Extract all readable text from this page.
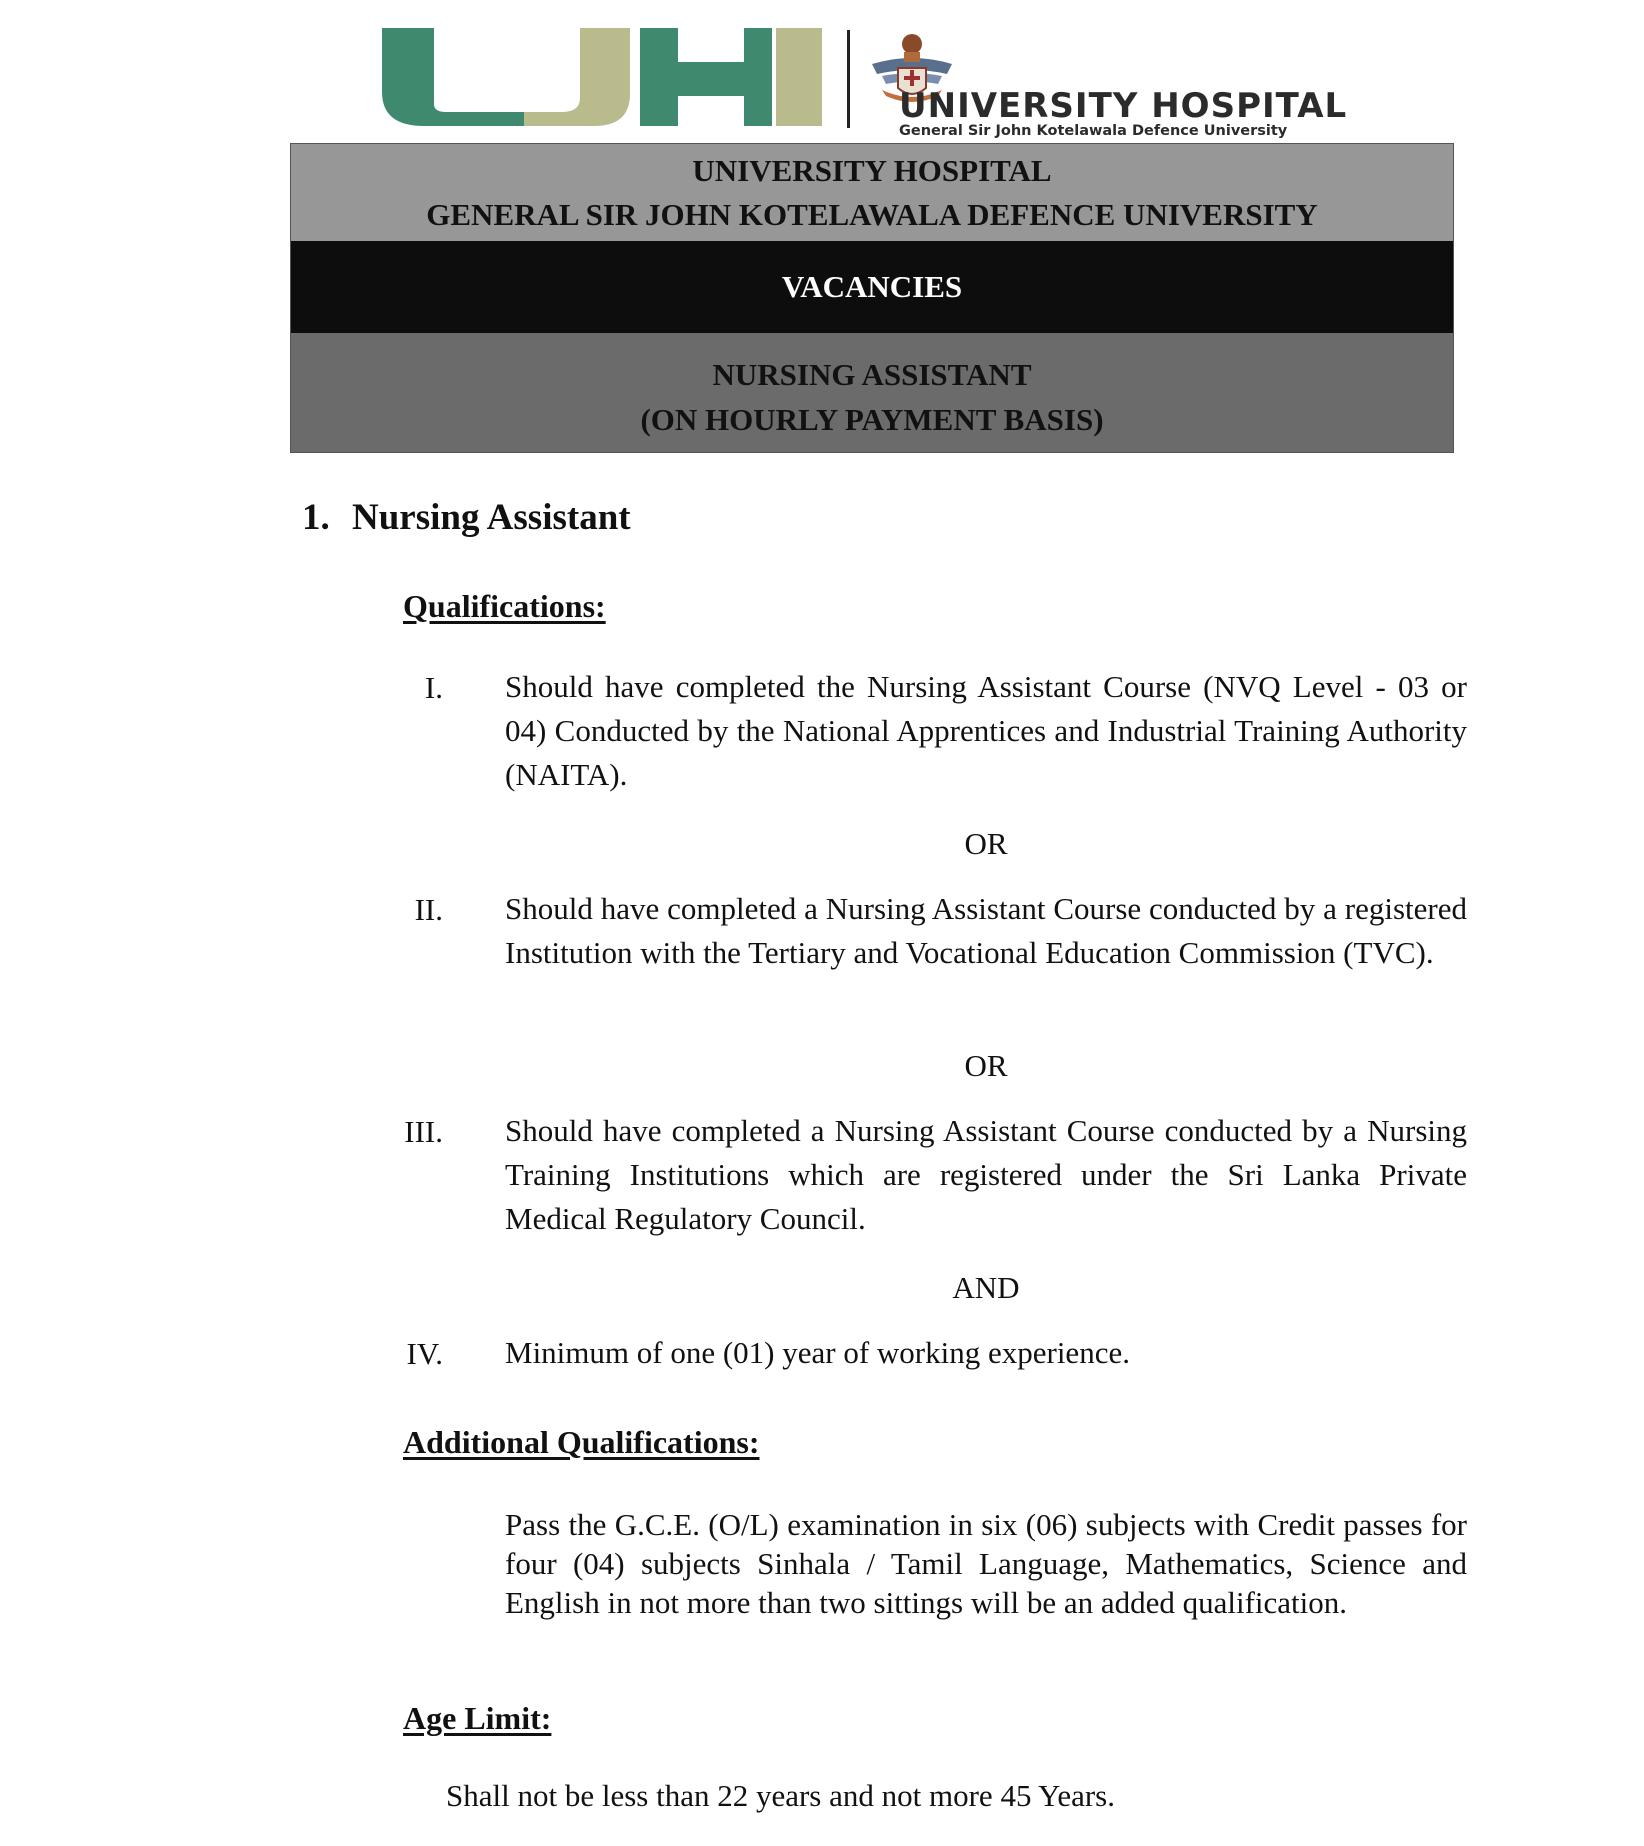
UNIVERSITY HOSPITAL
General Sir John Kotelawala Defence University
UNIVERSITY HOSPITAL
GENERAL SIR JOHN KOTELAWALA DEFENCE UNIVERSITY
VACANCIES
NURSING ASSISTANT
(ON HOURLY PAYMENT BASIS)
1. Nursing Assistant
Qualifications:
I. Should have completed the Nursing Assistant Course (NVQ Level - 03 or 04) Conducted by the National Apprentices and Industrial Training Authority (NAITA).
OR
II. Should have completed a Nursing Assistant Course conducted by a registered Institution with the Tertiary and Vocational Education Commission (TVC).
OR
III. Should have completed a Nursing Assistant Course conducted by a Nursing Training Institutions which are registered under the Sri Lanka Private Medical Regulatory Council.
AND
IV. Minimum of one (01) year of working experience.
Additional Qualifications:
Pass the G.C.E. (O/L) examination in six (06) subjects with Credit passes for four (04) subjects Sinhala / Tamil Language, Mathematics, Science and English in not more than two sittings will be an added qualification.
Age Limit:
Shall not be less than 22 years and not more 45 Years.
